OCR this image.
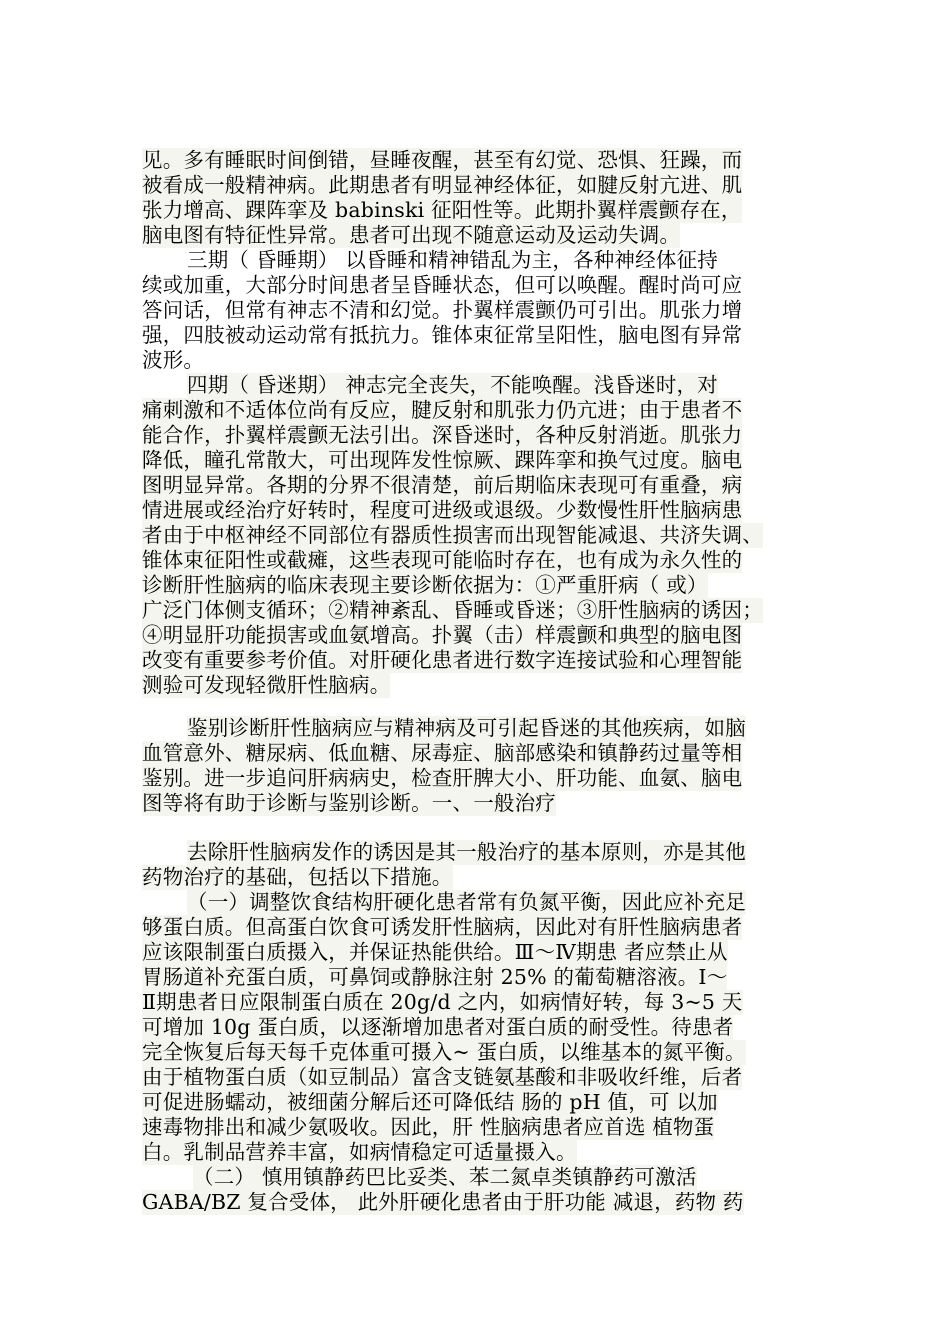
见。多有睡眠时间倒错，昼睡夜醒，甚至有幻觉、恐惧、狂躁，而
被看成一般精神病。此期患者有明显神经体征，如腱反射亢进、肌
张力增高、踝阵挛及 babinski 征阳性等。此期扑翼样震颤存在，
脑电图有特征性异常。患者可出现不随意运动及运动失调。
三期（ 昏睡期） 以昏睡和精神错乱为主，各种神经体征持
续或加重，大部分时间患者呈昏睡状态，但可以唤醒。醒时尚可应
答问话，但常有神志不清和幻觉。扑翼样震颤仍可引出。肌张力增
强，四肢被动运动常有抵抗力。锥体束征常呈阳性，脑电图有异常
波形。
四期（ 昏迷期） 神志完全丧失，不能唤醒。浅昏迷时，对
痛刺激和不适体位尚有反应，腱反射和肌张力仍亢进；由于患者不
能合作，扑翼样震颤无法引出。深昏迷时，各种反射消逝。肌张力
降低，瞳孔常散大，可出现阵发性惊厥、踝阵挛和换气过度。脑电
图明显异常。各期的分界不很清楚，前后期临床表现可有重叠，病
情进展或经治疗好转时，程度可进级或退级。少数慢性肝性脑病患
者由于中枢神经不同部位有器质性损害而出现智能减退、共济失调、
锥体束征阳性或截瘫，这些表现可能临时存在，也有成为永久性的
诊断肝性脑病的临床表现主要诊断依据为：①严重肝病（ 或）
广泛门体侧支循环；②精神紊乱、昏睡或昏迷；③肝性脑病的诱因；
④明显肝功能损害或血氨增高。扑翼（击）样震颤和典型的脑电图
改变有重要参考价值。对肝硬化患者进行数字连接试验和心理智能
测验可发现轻微肝性脑病。
鉴别诊断肝性脑病应与精神病及可引起昏迷的其他疾病，如脑
血管意外、糖尿病、低血糖、尿毒症、脑部感染和镇静药过量等相
鉴别。进一步追问肝病病史，检查肝脾大小、肝功能、血氨、脑电
图等将有助于诊断与鉴别诊断。一、一般治疗
去除肝性脑病发作的诱因是其一般治疗的基本原则，亦是其他
药物治疗的基础，包括以下措施。
（一）调整饮食结构肝硬化患者常有负氮平衡，因此应补充足
够蛋白质。但高蛋白饮食可诱发肝性脑病，因此对有肝性脑病患者
应该限制蛋白质摄入，并保证热能供给。Ⅲ～Ⅳ期患 者应禁止从
胃肠道补充蛋白质，可鼻饲或静脉注射 25% 的葡萄糖溶液。Ⅰ～
Ⅱ期患者日应限制蛋白质在 20g/d 之内，如病情好转，每 3~5 天
可增加 10g 蛋白质，以逐渐增加患者对蛋白质的耐受性。待患者
完全恢复后每天每千克体重可摄入~ 蛋白质，以维基本的氮平衡。
由于植物蛋白质（如豆制品）富含支链氨基酸和非吸收纤维，后者
可促进肠蠕动，被细菌分解后还可降低结 肠的 pH 值，可 以加
速毒物排出和减少氨吸收。因此，肝 性脑病患者应首选 植物蛋
白。乳制品营养丰富，如病情稳定可适量摄入。
（二） 慎用镇静药巴比妥类、苯二氮卓类镇静药可激活
GABA/BZ 复合受体， 此外肝硬化患者由于肝功能 减退，药物 药
